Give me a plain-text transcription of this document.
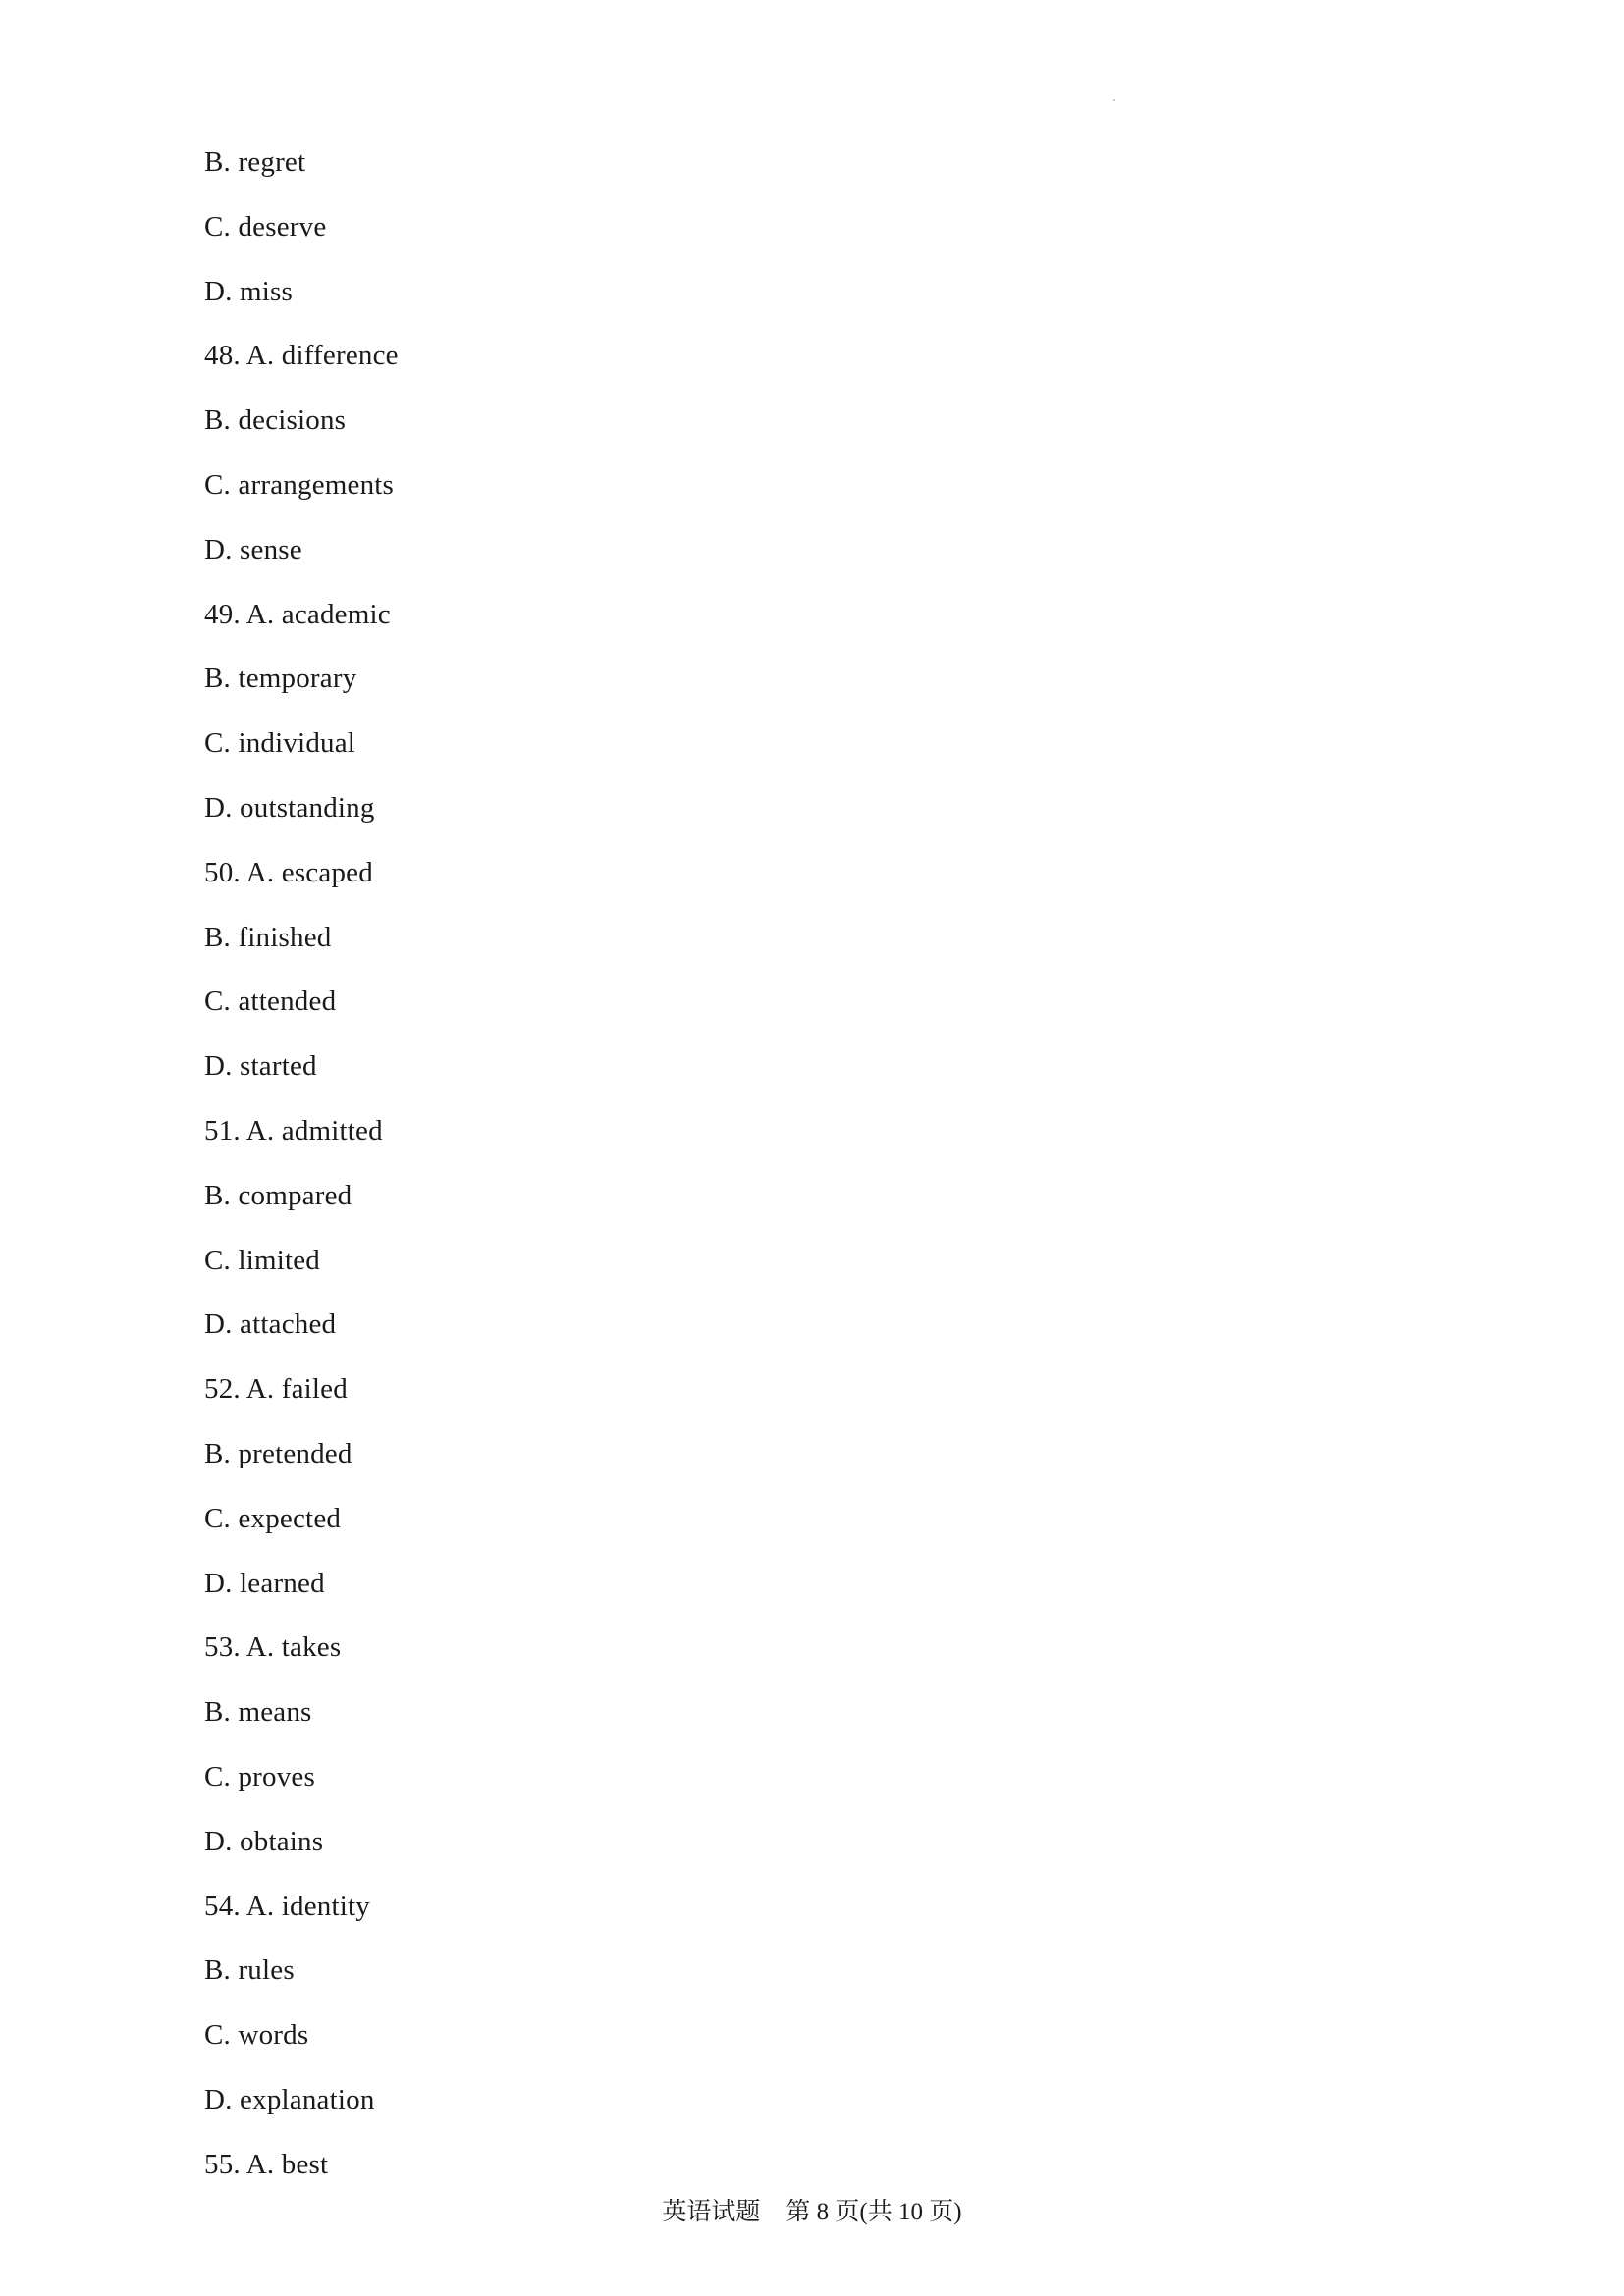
B. regret
C. deserve
D. miss
48. A. difference
B. decisions
C. arrangements
D. sense
49. A. academic
B. temporary
C. individual
D. outstanding
50. A. escaped
B. finished
C. attended
D. started
51. A. admitted
B. compared
C. limited
D. attached
52. A. failed
B. pretended
C. expected
D. learned
53. A. takes
B. means
C. proves
D. obtains
54. A. identity
B. rules
C. words
D. explanation
55. A. best
英语试题 第 8 页(共 10 页)
